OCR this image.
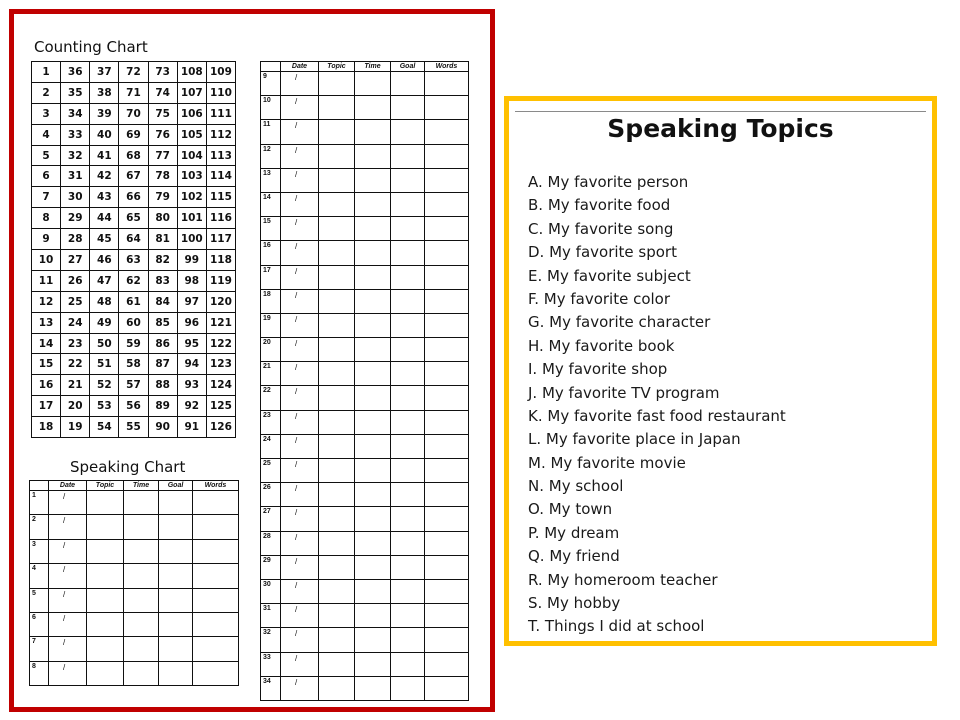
Counting Chart
1	36	37	72	73	108	109
2	35	38	71	74	107	110
3	34	39	70	75	106	111
4	33	40	69	76	105	112
5	32	41	68	77	104	113
6	31	42	67	78	103	114
7	30	43	66	79	102	115
8	29	44	65	80	101	116
9	28	45	64	81	100	117
10	27	46	63	82	99	118
11	26	47	62	83	98	119
12	25	48	61	84	97	120
13	24	49	60	85	96	121
14	23	50	59	86	95	122
15	22	51	58	87	94	123
16	21	52	57	88	93	124
17	20	53	56	89	92	125
18	19	54	55	90	91	126
Speaking Chart
	Date	Topic	Time	Goal	Words
1	/				
2	/				
3	/				
4	/				
5	/				
6	/				
7	/				
8	/				
	Date	Topic	Time	Goal	Words
9	/				
10	/				
11	/				
12	/				
13	/				
14	/				
15	/				
16	/				
17	/				
18	/				
19	/				
20	/				
21	/				
22	/				
23	/				
24	/				
25	/				
26	/				
27	/				
28	/				
29	/				
30	/				
31	/				
32	/				
33	/				
34	/				
Speaking Topics
A. My favorite person
B. My favorite food
C. My favorite song
D. My favorite sport
E. My favorite subject
F. My favorite color
G. My favorite character
H. My favorite book
I. My favorite shop
J. My favorite TV program
K. My favorite fast food restaurant
L. My favorite place in Japan
M. My favorite movie
N. My school
O. My town
P. My dream
Q. My friend
R. My homeroom teacher
S. My hobby
T. Things I did at school
